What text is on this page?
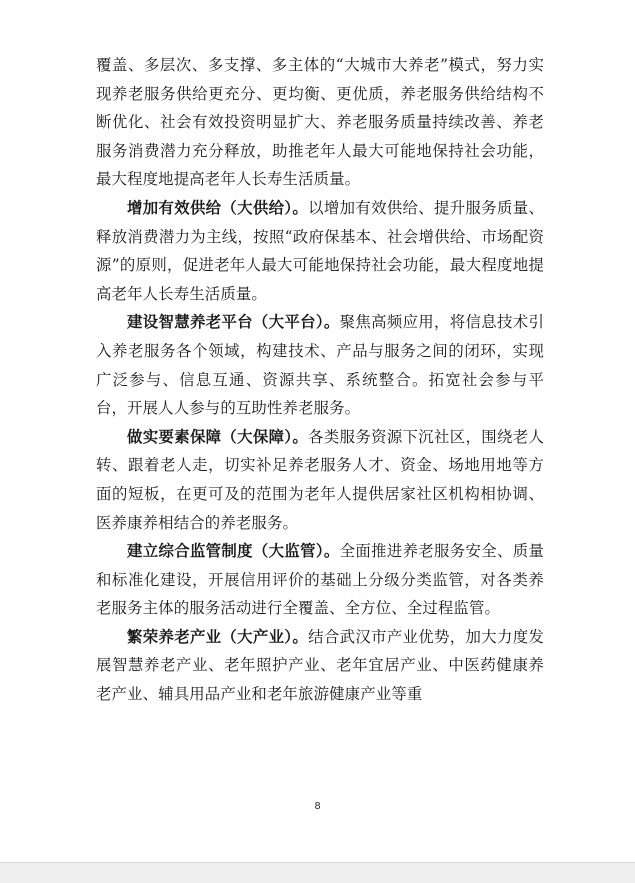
覆盖、多层次、多支撑、多主体的“大城市大养老”模式，努力实现养老服务供给更充分、更均衡、更优质，养老服务供给结构不断优化、社会有效投资明显扩大、养老服务质量持续改善、养老服务消费潜力充分释放，助推老年人最大可能地保持社会功能，最大程度地提高老年人长寿生活质量。

增加有效供给（大供给）。以增加有效供给、提升服务质量、释放消费潜力为主线，按照“政府保基本、社会增供给、市场配资源”的原则，促进老年人最大可能地保持社会功能，最大程度地提高老年人长寿生活质量。

建设智慧养老平台（大平台）。聚焦高频应用，将信息技术引入养老服务各个领域，构建技术、产品与服务之间的闭环，实现广泛参与、信息互通、资源共享、系统整合。拓宽社会参与平台，开展人人参与的互助性养老服务。

做实要素保障（大保障）。各类服务资源下沉社区，围绕老人转、跟着老人走，切实补足养老服务人才、资金、场地用地等方面的短板，在更可及的范围为老年人提供居家社区机构相协调、医养康养相结合的养老服务。

建立综合监管制度（大监管）。全面推进养老服务安全、质量和标准化建设，开展信用评价的基础上分级分类监管，对各类养老服务主体的服务活动进行全覆盖、全方位、全过程监管。

繁荣养老产业（大产业）。结合武汉市产业优势，加大力度发展智慧养老产业、老年照护产业、老年宜居产业、中医药健康养老产业、辅具用品产业和老年旅游健康产业等重

8
